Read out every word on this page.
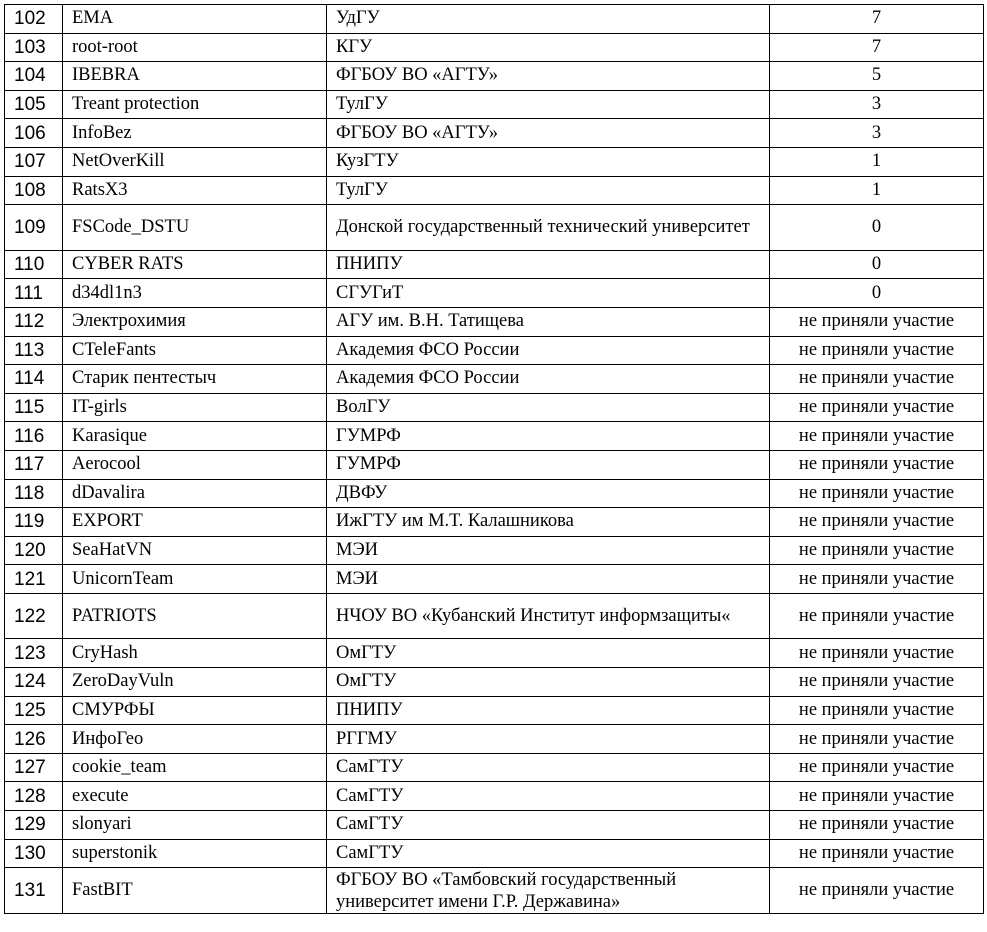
102	EMA	УдГУ	7
103	root-root	КГУ	7
104	IBEBRA	ФГБОУ ВО «АГТУ»	5
105	Treant protection	ТулГУ	3
106	InfoBez	ФГБОУ ВО «АГТУ»	3
107	NetOverKill	КузГТУ	1
108	RatsX3	ТулГУ	1
109	FSCode_DSTU	Донской государственный технический университет	0
110	CYBER RATS	ПНИПУ	0
111	d34dl1n3	СГУГиТ	0
112	Электрохимия	АГУ им. В.Н. Татищева	не приняли участие
113	CTeleFants	Академия ФСО России	не приняли участие
114	Старик пентестыч	Академия ФСО России	не приняли участие
115	IT-girls	ВолГУ	не приняли участие
116	Karasique	ГУМРФ	не приняли участие
117	Aerocool	ГУМРФ	не приняли участие
118	dDavalira	ДВФУ	не приняли участие
119	EXPORT	ИжГТУ им М.Т. Калашникова	не приняли участие
120	SeaHatVN	МЭИ	не приняли участие
121	UnicornTeam	МЭИ	не приняли участие
122	PATRIOTS	НЧОУ ВО «Кубанский Институт информзащиты«	не приняли участие
123	CryHash	ОмГТУ	не приняли участие
124	ZeroDayVuln	ОмГТУ	не приняли участие
125	СМУРФЫ	ПНИПУ	не приняли участие
126	ИнфоГео	РГГМУ	не приняли участие
127	cookie_team	СамГТУ	не приняли участие
128	execute	СамГТУ	не приняли участие
129	slonyari	СамГТУ	не приняли участие
130	superstonik	СамГТУ	не приняли участие
131	FastBIT	ФГБОУ ВО «Тамбовский государственный университет имени Г.Р. Державина»	не приняли участие
